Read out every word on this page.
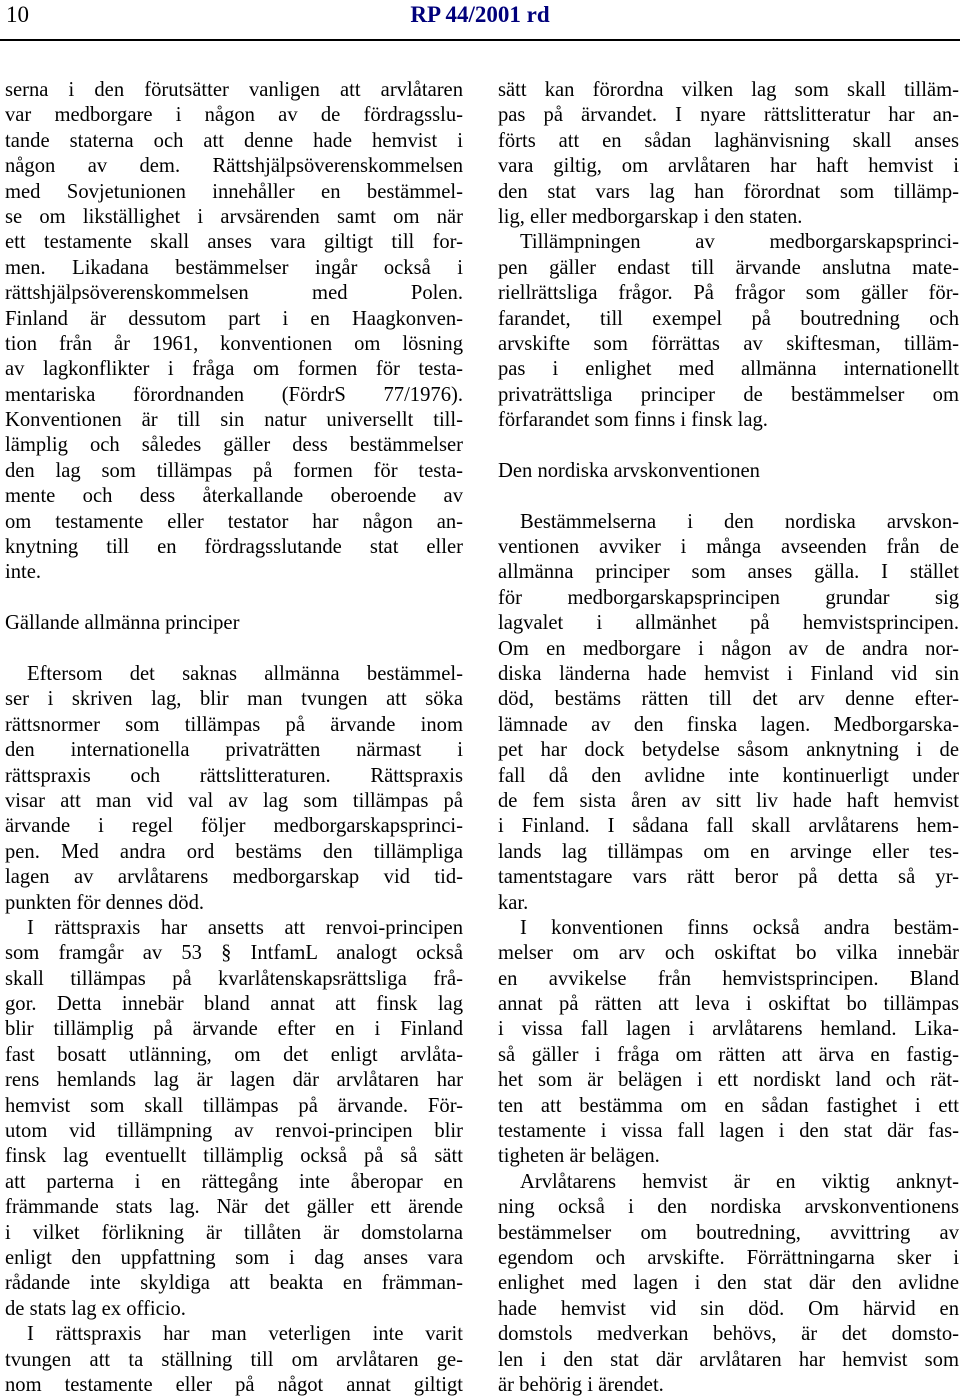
10	RP 44/2001 rd
serna i den förutsätter vanligen att arvlåtaren
var medborgare i någon av de fördragsslu-
tande staterna och att denne hade hemvist i
någon av dem. Rättshjälpsöverenskommelsen
med Sovjetunionen innehåller en bestämmel-
se om likställighet i arvsärenden samt om när
ett testamente skall anses vara giltigt till for-
men. Likadana bestämmelser ingår också i
rättshjälpsöverenskommelsen med Polen.
Finland är dessutom part i en Haagkonven-
tion från år 1961, konventionen om lösning
av lagkonflikter i fråga om formen för testa-
mentariska förordnanden (FördrS 77/1976).
Konventionen är till sin natur universellt till-
lämplig och således gäller dess bestämmelser
den lag som tillämpas på formen för testa-
mente och dess återkallande oberoende av
om testamente eller testator har någon an-
knytning till en fördragsslutande stat eller
inte.
Gällande allmänna principer
Eftersom det saknas allmänna bestämmel-
ser i skriven lag, blir man tvungen att söka
rättsnormer som tillämpas på ärvande inom
den internationella privaträtten närmast i
rättspraxis och rättslitteraturen. Rättspraxis
visar att man vid val av lag som tillämpas på
ärvande i regel följer medborgarskapsprinci-
pen. Med andra ord bestäms den tillämpliga
lagen av arvlåtarens medborgarskap vid tid-
punkten för dennes död.
I rättspraxis har ansetts att renvoi-principen
som framgår av 53 § IntfamL analogt också
skall tillämpas på kvarlåtenskapsrättsliga frå-
gor. Detta innebär bland annat att finsk lag
blir tillämplig på ärvande efter en i Finland
fast bosatt utlänning, om det enligt arvlåta-
rens hemlands lag är lagen där arvlåtaren har
hemvist som skall tillämpas på ärvande. För-
utom vid tillämpning av renvoi-principen blir
finsk lag eventuellt tillämplig också på så sätt
att parterna i en rättegång inte åberopar en
främmande stats lag. När det gäller ett ärende
i vilket förlikning är tillåten är domstolarna
enligt den uppfattning som i dag anses vara
rådande inte skyldiga att beakta en främman-
de stats lag ex officio.
I rättspraxis har man veterligen inte varit
tvungen att ta ställning till om arvlåtaren ge-
nom testamente eller på något annat giltigt
sätt kan förordna vilken lag som skall tilläm-
pas på ärvandet. I nyare rättslitteratur har an-
förts att en sådan laghänvisning skall anses
vara giltig, om arvlåtaren har haft hemvist i
den stat vars lag han förordnat som tillämp-
lig, eller medborgarskap i den staten.
Tillämpningen av medborgarskapsprinci-
pen gäller endast till ärvande anslutna mate-
riellrättsliga frågor. På frågor som gäller för-
farandet, till exempel på boutredning och
arvskifte som förrättas av skiftesman, tilläm-
pas i enlighet med allmänna internationellt
privaträttsliga principer de bestämmelser om
förfarandet som finns i finsk lag.
Den nordiska arvskonventionen
Bestämmelserna i den nordiska arvskon-
ventionen avviker i många avseenden från de
allmänna principer som anses gälla. I stället
för medborgarskapsprincipen grundar sig
lagvalet i allmänhet på hemvistsprincipen.
Om en medborgare i någon av de andra nor-
diska länderna hade hemvist i Finland vid sin
död, bestäms rätten till det arv denne efter-
lämnade av den finska lagen. Medborgarska-
pet har dock betydelse såsom anknytning i de
fall då den avlidne inte kontinuerligt under
de fem sista åren av sitt liv hade haft hemvist
i Finland. I sådana fall skall arvlåtarens hem-
lands lag tillämpas om en arvinge eller tes-
tamentstagare vars rätt beror på detta så yr-
kar.
I konventionen finns också andra bestäm-
melser om arv och oskiftat bo vilka innebär
en avvikelse från hemvistsprincipen. Bland
annat på rätten att leva i oskiftat bo tillämpas
i vissa fall lagen i arvlåtarens hemland. Lika-
så gäller i fråga om rätten att ärva en fastig-
het som är belägen i ett nordiskt land och rät-
ten att bestämma om en sådan fastighet i ett
testamente i vissa fall lagen i den stat där fas-
tigheten är belägen.
Arvlåtarens hemvist är en viktig anknyt-
ning också i den nordiska arvskonventionens
bestämmelser om boutredning, avvittring av
egendom och arvskifte. Förrättningarna sker i
enlighet med lagen i den stat där den avlidne
hade hemvist vid sin död. Om härvid en
domstols medverkan behövs, är det domsto-
len i den stat där arvlåtaren har hemvist som
är behörig i ärendet.
